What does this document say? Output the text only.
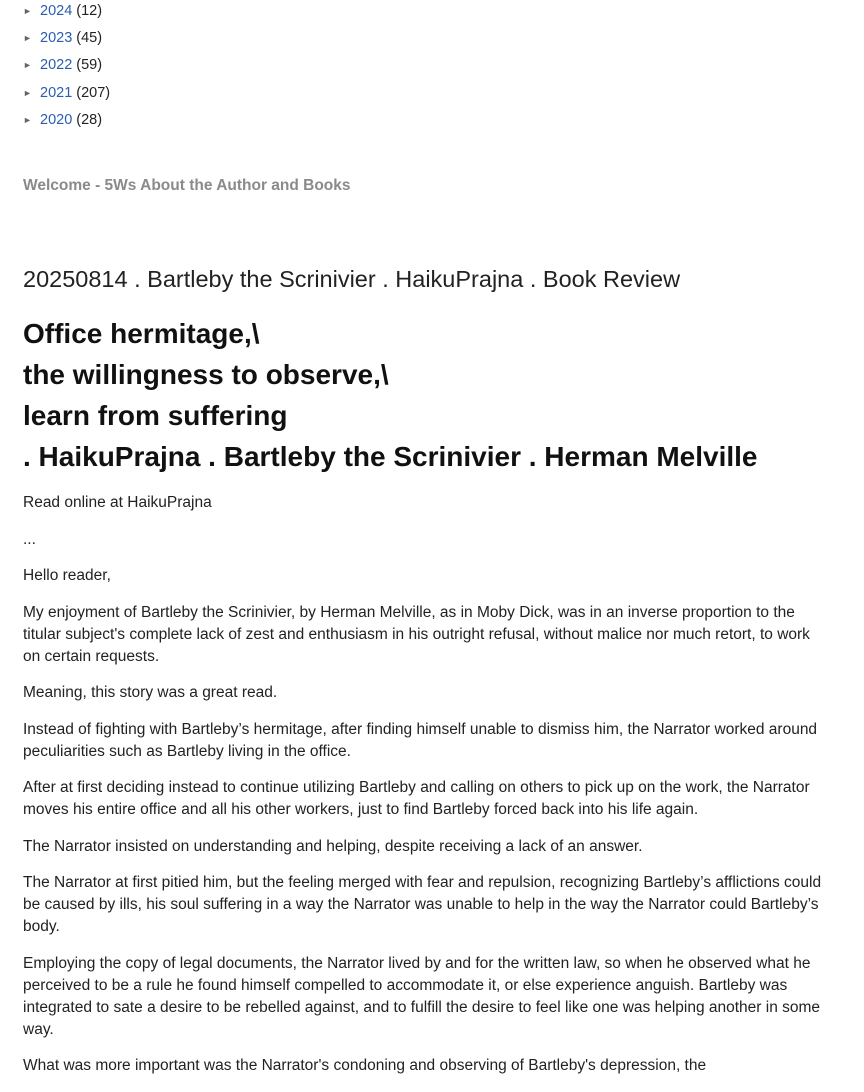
► 2024 (12)
► 2023 (45)
► 2022 (59)
► 2021 (207)
► 2020 (28)
Welcome - 5Ws About the Author and Books
20250814 . Bartleby the Scrinivier . HaikuPrajna . Book Review
Office hermitage,\
the willingness to observe,\
learn from suffering
. HaikuPrajna . Bartleby the Scrinivier . Herman Melville

Read online at HaikuPrajna

...

Hello reader,

My enjoyment of Bartleby the Scrinivier, by Herman Melville, as in Moby Dick, was in an inverse proportion to the titular subject's complete lack of zest and enthusiasm in his outright refusal, without malice nor much retort, to work on certain requests.

Meaning, this story was a great read.

Instead of fighting with Bartleby’s hermitage, after finding himself unable to dismiss him, the Narrator worked around peculiarities such as Bartleby living in the office.

After at first deciding instead to continue utilizing Bartleby and calling on others to pick up on the work, the Narrator moves his entire office and all his other workers, just to find Bartleby forced back into his life again.

The Narrator insisted on understanding and helping, despite receiving a lack of an answer.

The Narrator at first pitied him, but the feeling merged with fear and repulsion, recognizing Bartleby’s afflictions could be caused by ills, his soul suffering in a way the Narrator was unable to help in the way the Narrator could Bartleby’s body.

Employing the copy of legal documents, the Narrator lived by and for the written law, so when he observed what he perceived to be a rule he found himself compelled to accommodate it, or else experience anguish. Bartleby was integrated to sate a desire to be rebelled against, and to fulfill the desire to feel like one was helping another in some way.

What was more important was the Narrator's condoning and observing of Bartleby's depression, the
